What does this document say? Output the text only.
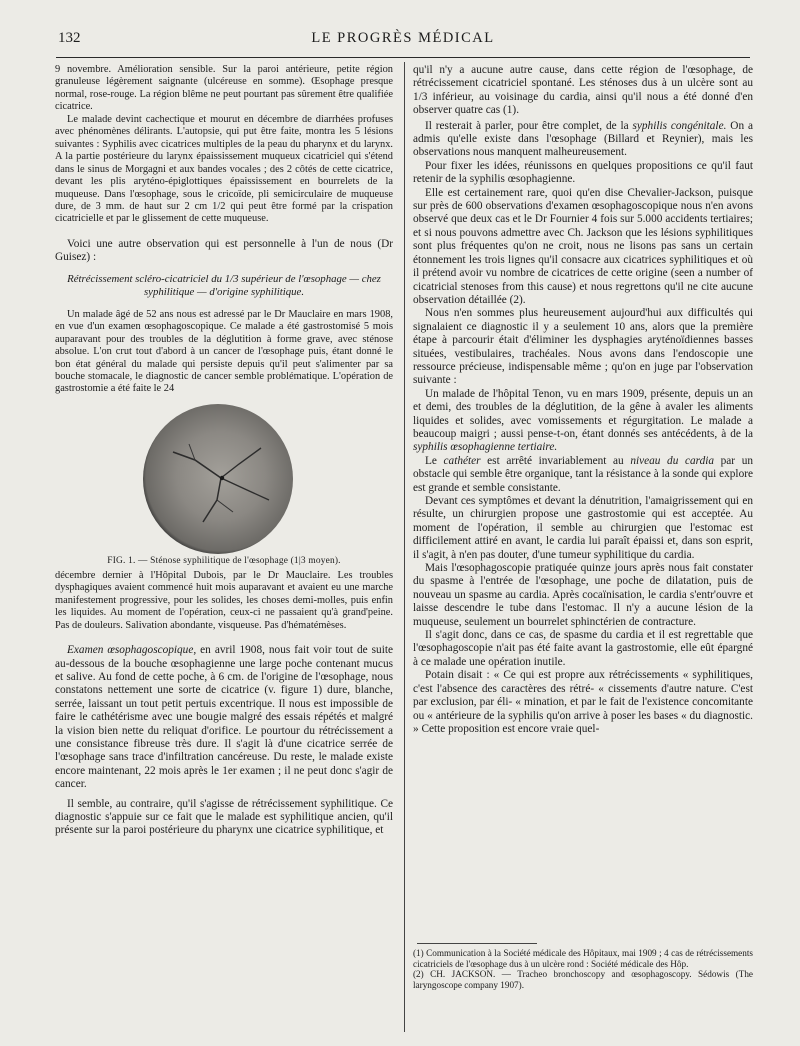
132	LE PROGRÈS MÉDICAL

9 novembre. Amélioration sensible. Sur la paroi antérieure, petite région granuleuse légèrement saignante (ulcéreuse en somme). Œsophage presque normal, rose-rouge. La région blême ne peut pourtant pas sûrement être qualifiée cicatrice.

Le malade devint cachectique et mourut en décembre de diarrhées profuses avec phénomènes délirants. L'autopsie, qui put être faite, montra les 5 lésions suivantes : Syphilis avec cicatrices multiples de la peau du pharynx et du larynx. A la partie postérieure du larynx épaississement muqueux cicatriciel qui s'étend dans le sinus de Morgagni et aux bandes vocales ; des 2 côtés de cette cicatrice, devant les plis aryténo-épiglottiques épaississement en bourrelets de la muqueuse. Dans l'œsophage, sous le cricoïde, pli semicirculaire de muqueuse dure, de 3 mm. de haut sur 2 cm 1/2 qui peut être formé par la crispation cicatricielle et par le glissement de cette muqueuse.

Voici une autre observation qui est personnelle à l'un de nous (Dr Guisez) :

Rétrécissement scléro-cicatriciel du 1/3 supérieur de l'œsophage — chez syphilitique — d'origine syphilitique.

Un malade âgé de 52 ans nous est adressé par le Dr Mauclaire en mars 1908, en vue d'un examen œsophagoscopique. Ce malade a été gastrostomisé 5 mois auparavant pour des troubles de la déglutition à forme grave, avec sténose absolue. L'on crut tout d'abord à un cancer de l'œsophage puis, étant donné le bon état général du malade qui persiste depuis qu'il peut s'alimenter par sa bouche stomacale, le diagnostic de cancer semble problématique. L'opération de gastrostomie a été faite le 24

FIG. 1. — Sténose syphilitique de l'œsophage (1|3 moyen).

décembre dernier à l'Hôpital Dubois, par le Dr Mauclaire. Les troubles dysphagiques avaient commencé huit mois auparavant et avaient eu une marche manifestement progressive, pour les solides, les choses demi-molles, puis enfin les liquides. Au moment de l'opération, ceux-ci ne passaient qu'à grand'peine. Pas de douleurs. Salivation abondante, visqueuse. Pas d'hématémèses.

Examen œsophagoscopique, en avril 1908, nous fait voir tout de suite au-dessous de la bouche œsophagienne une large poche contenant mucus et salive. Au fond de cette poche, à 6 cm. de l'origine de l'œsophage, nous constatons nettement une sorte de cicatrice (v. figure 1) dure, blanche, serrée, laissant un tout petit pertuis excentrique. Il nous est impossible de faire le cathétérisme avec une bougie malgré des essais répétés et malgré la vision bien nette du reliquat d'orifice. Le pourtour du rétrécissement a une consistance fibreuse très dure. Il s'agit là d'une cicatrice serrée de l'œsophage sans trace d'infiltration cancéreuse. Du reste, le malade existe encore maintenant, 22 mois après le 1er examen ; il ne peut donc s'agir de cancer.

Il semble, au contraire, qu'il s'agisse de rétrécissement syphilitique. Ce diagnostic s'appuie sur ce fait que le malade est syphilitique ancien, qu'il présente sur la paroi postérieure du pharynx une cicatrice syphilitique, et

qu'il n'y a aucune autre cause, dans cette région de l'œsophage, de rétrécissement cicatriciel spontané. Les sténoses dus à un ulcère sont au 1/3 inférieur, au voisinage du cardia, ainsi qu'il nous a été donné d'en observer quatre cas (1).

Il resterait à parler, pour être complet, de la syphilis congénitale. On a admis qu'elle existe dans l'œsophage (Billard et Reynier), mais les observations nous manquent malheureusement.

Pour fixer les idées, réunissons en quelques propositions ce qu'il faut retenir de la syphilis œsophagienne.

Elle est certainement rare, quoi qu'en dise Chevalier-Jackson, puisque sur près de 600 observations d'examen œsophagoscopique nous n'en avons observé que deux cas et le Dr Fournier 4 fois sur 5.000 accidents tertiaires; et si nous pouvons admettre avec Ch. Jackson que les lésions syphilitiques sont plus fréquentes qu'on ne croit, nous ne lisons pas sans un certain étonnement les trois lignes qu'il consacre aux cicatrices syphilitiques et où il prétend avoir vu nombre de cicatrices de cette origine (seen a number of cicatricial stenoses from this cause) et nous regrettons qu'il ne cite aucune observation détaillée (2).

Nous n'en sommes plus heureusement aujourd'hui aux difficultés qui signalaient ce diagnostic il y a seulement 10 ans, alors que la première étape à parcourir était d'éliminer les dysphagies aryténoïdiennes basses situées, vestibulaires, trachéales. Nous avons dans l'endoscopie une ressource précieuse, indispensable même ; qu'on en juge par l'observation suivante :

Un malade de l'hôpital Tenon, vu en mars 1909, présente, depuis un an et demi, des troubles de la déglutition, de la gêne à avaler les aliments liquides et solides, avec vomissements et régurgitation. Le malade a beaucoup maigri ; aussi pense-t-on, étant donnés ses antécédents, à de la syphilis œsophagienne tertiaire.

Le cathéter est arrêté invariablement au niveau du cardia par un obstacle qui semble être organique, tant la résistance à la sonde qui explore est grande et semble consistante.

Devant ces symptômes et devant la dénutrition, l'amaigrissement qui en résulte, un chirurgien propose une gastrostomie qui est acceptée. Au moment de l'opération, il semble au chirurgien que l'estomac est difficilement attiré en avant, le cardia lui paraît épaissi et, dans son esprit, il s'agit, à n'en pas douter, d'une tumeur syphilitique du cardia.

Mais l'œsophagoscopie pratiquée quinze jours après nous fait constater du spasme à l'entrée de l'œsophage, une poche de dilatation, puis de nouveau un spasme au cardia. Après cocaïnisation, le cardia s'entr'ouvre et laisse descendre le tube dans l'estomac. Il n'y a aucune lésion de la muqueuse, seulement un bourrelet sphinctérien de contracture.

Il s'agit donc, dans ce cas, de spasme du cardia et il est regrettable que l'œsophagoscopie n'ait pas été faite avant la gastrostomie, elle eût épargné à ce malade une opération inutile.

Potain disait : « Ce qui est propre aux rétrécissements « syphilitiques, c'est l'absence des caractères des rétré- « cissements d'autre nature. C'est par exclusion, par éli- « mination, et par le fait de l'existence concomitante ou « antérieure de la syphilis qu'on arrive à poser les bases « du diagnostic. » Cette proposition est encore vraie quel-

(1) Communication à la Société médicale des Hôpitaux, mai 1909 ; 4 cas de rétrécissements cicatriciels de l'œsophage dus à un ulcère rond : Société médicale des Hôp.

(2) CH. JACKSON. — Tracheo bronchoscopy and œsophagoscopy. Sédowis (The laryngoscope company 1907).
